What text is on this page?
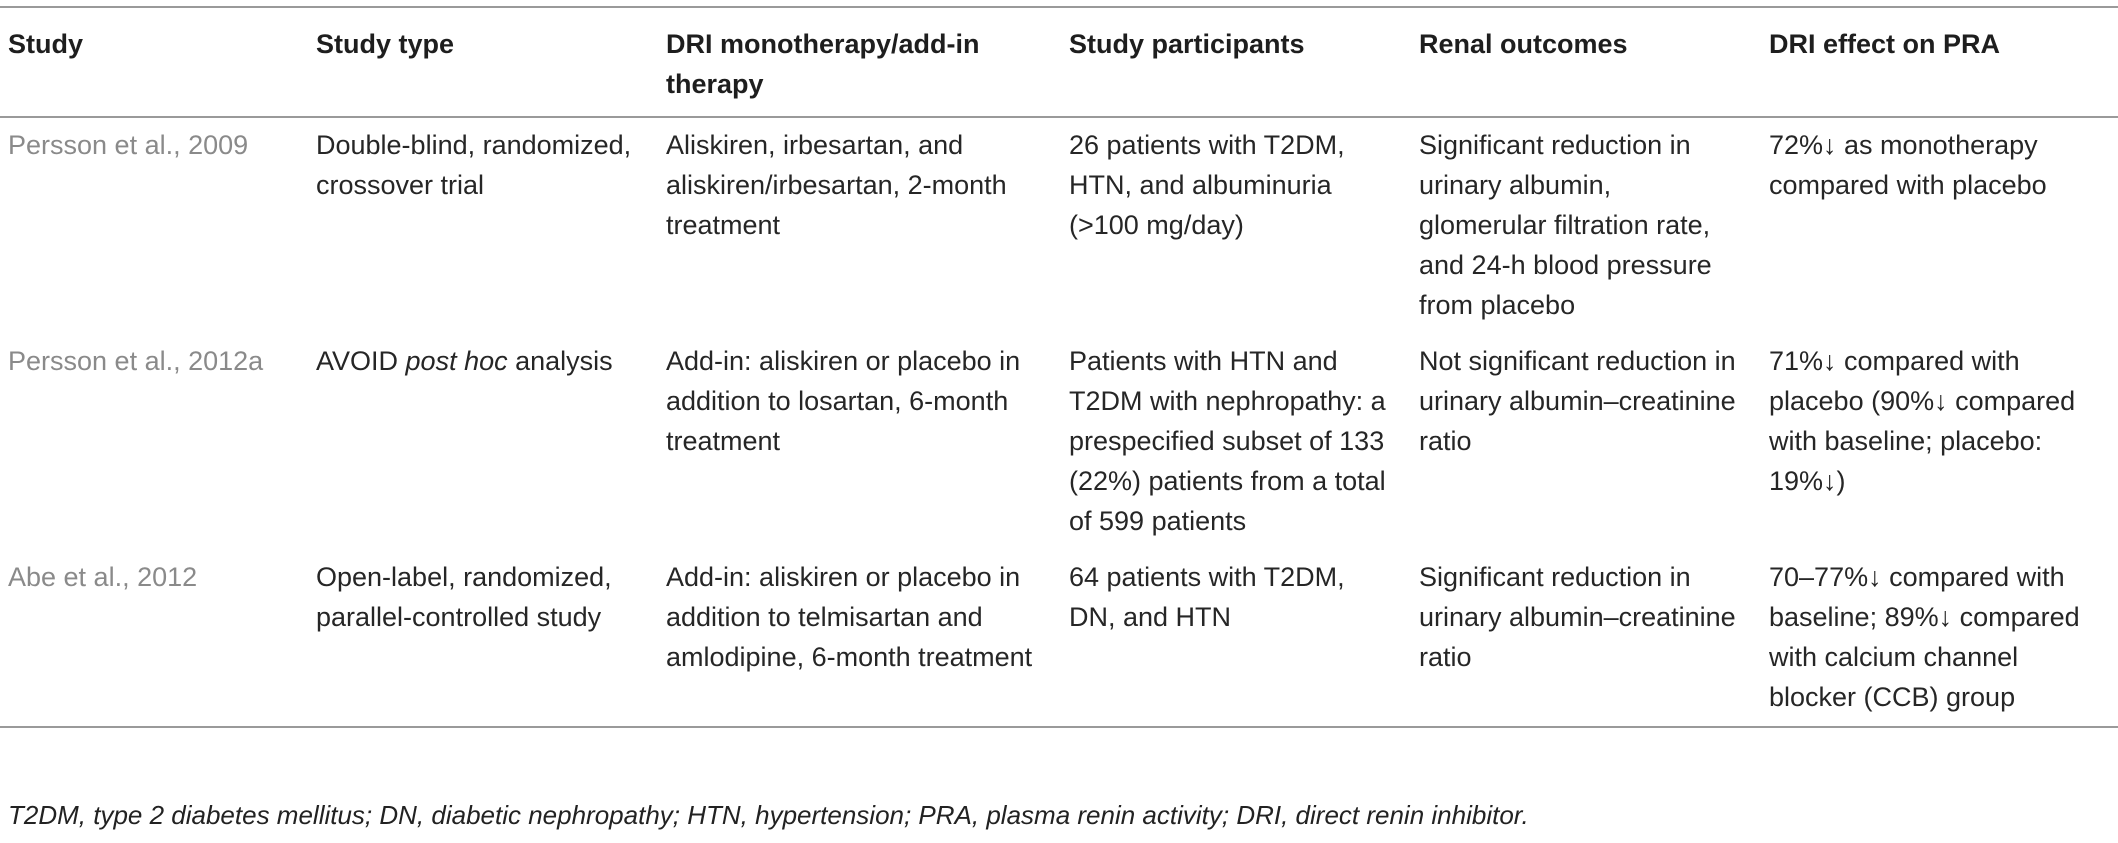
Study	Study type	DRI monotherapy/add-in therapy	Study participants	Renal outcomes	DRI effect on PRA
Persson et al., 2009	Double-blind, randomized, crossover trial	Aliskiren, irbesartan, and aliskiren/irbesartan, 2-month treatment	26 patients with T2DM, HTN, and albuminuria (>100 mg/day)	Significant reduction in urinary albumin, glomerular filtration rate, and 24-h blood pressure from placebo	72%↓ as monotherapy compared with placebo
Persson et al., 2012a	AVOID post hoc analysis	Add-in: aliskiren or placebo in addition to losartan, 6-month treatment	Patients with HTN and T2DM with nephropathy: a prespecified subset of 133 (22%) patients from a total of 599 patients	Not significant reduction in urinary albumin–creatinine ratio	71%↓ compared with placebo (90%↓ compared with baseline; placebo: 19%↓)
Abe et al., 2012	Open-label, randomized, parallel-controlled study	Add-in: aliskiren or placebo in addition to telmisartan and amlodipine, 6-month treatment	64 patients with T2DM, DN, and HTN	Significant reduction in urinary albumin–creatinine ratio	70–77%↓ compared with baseline; 89%↓ compared with calcium channel blocker (CCB) group
T2DM, type 2 diabetes mellitus; DN, diabetic nephropathy; HTN, hypertension; PRA, plasma renin activity; DRI, direct renin inhibitor.
